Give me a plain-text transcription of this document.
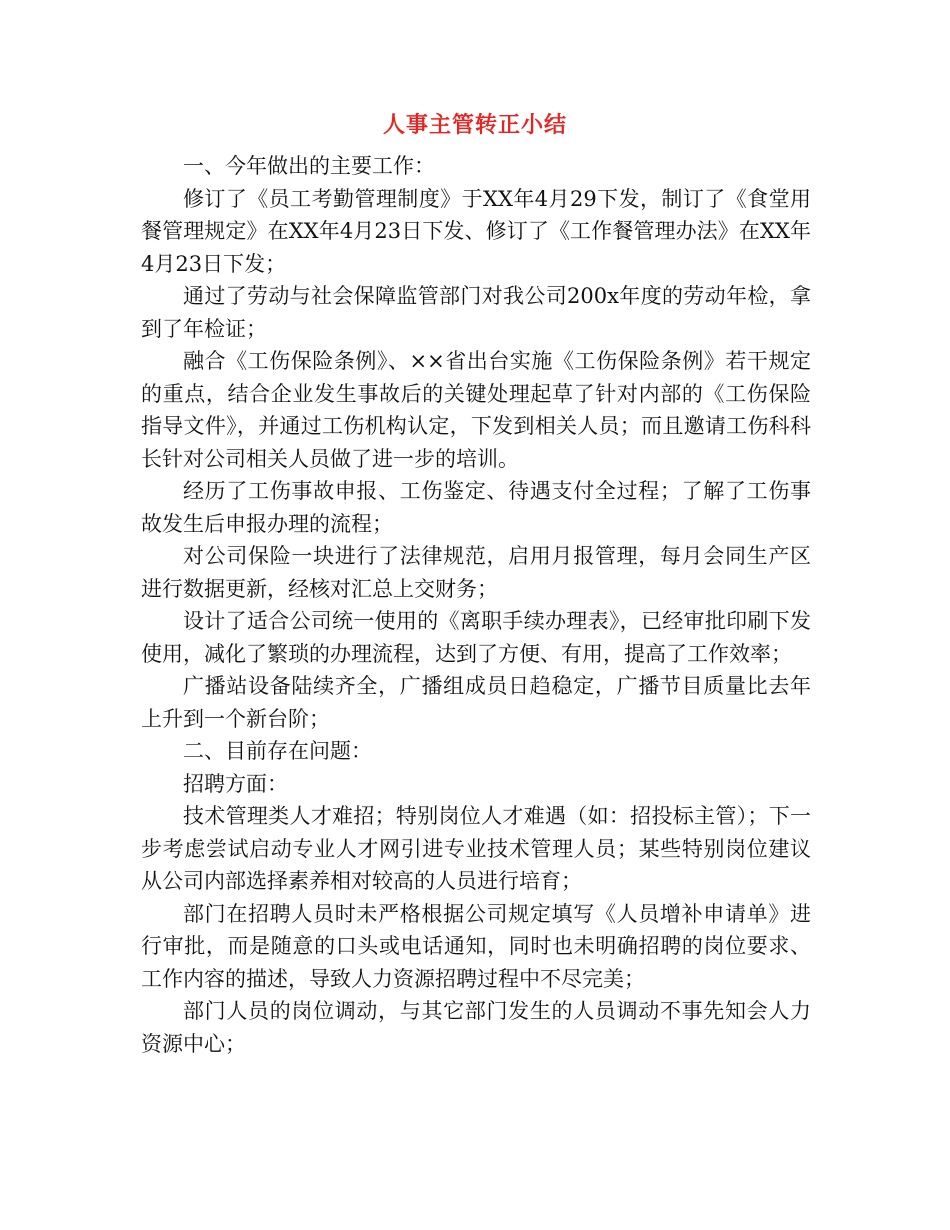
人事主管转正小结

一、今年做出的主要工作：

修订了《员工考勤管理制度》于XX年4月29下发，制订了《食堂用餐管理规定》在XX年4月23日下发、修订了《工作餐管理办法》在XX年4月23日下发；

通过了劳动与社会保障监管部门对我公司200x年度的劳动年检，拿到了年检证；

融合《工伤保险条例》、××省出台实施《工伤保险条例》若干规定的重点，结合企业发生事故后的关键处理起草了针对内部的《工伤保险指导文件》，并通过工伤机构认定，下发到相关人员；而且邀请工伤科科长针对公司相关人员做了进一步的培训。

经历了工伤事故申报、工伤鉴定、待遇支付全过程；了解了工伤事故发生后申报办理的流程；

对公司保险一块进行了法律规范，启用月报管理，每月会同生产区进行数据更新，经核对汇总上交财务；

设计了适合公司统一使用的《离职手续办理表》，已经审批印刷下发使用，减化了繁琐的办理流程，达到了方便、有用，提高了工作效率；

广播站设备陆续齐全，广播组成员日趋稳定，广播节目质量比去年上升到一个新台阶；

二、目前存在问题：

招聘方面：

技术管理类人才难招；特别岗位人才难遇（如：招投标主管）；下一步考虑尝试启动专业人才网引进专业技术管理人员；某些特别岗位建议从公司内部选择素养相对较高的人员进行培育；

部门在招聘人员时未严格根据公司规定填写《人员增补申请单》进行审批，而是随意的口头或电话通知，同时也未明确招聘的岗位要求、工作内容的描述，导致人力资源招聘过程中不尽完美；

部门人员的岗位调动，与其它部门发生的人员调动不事先知会人力资源中心；
